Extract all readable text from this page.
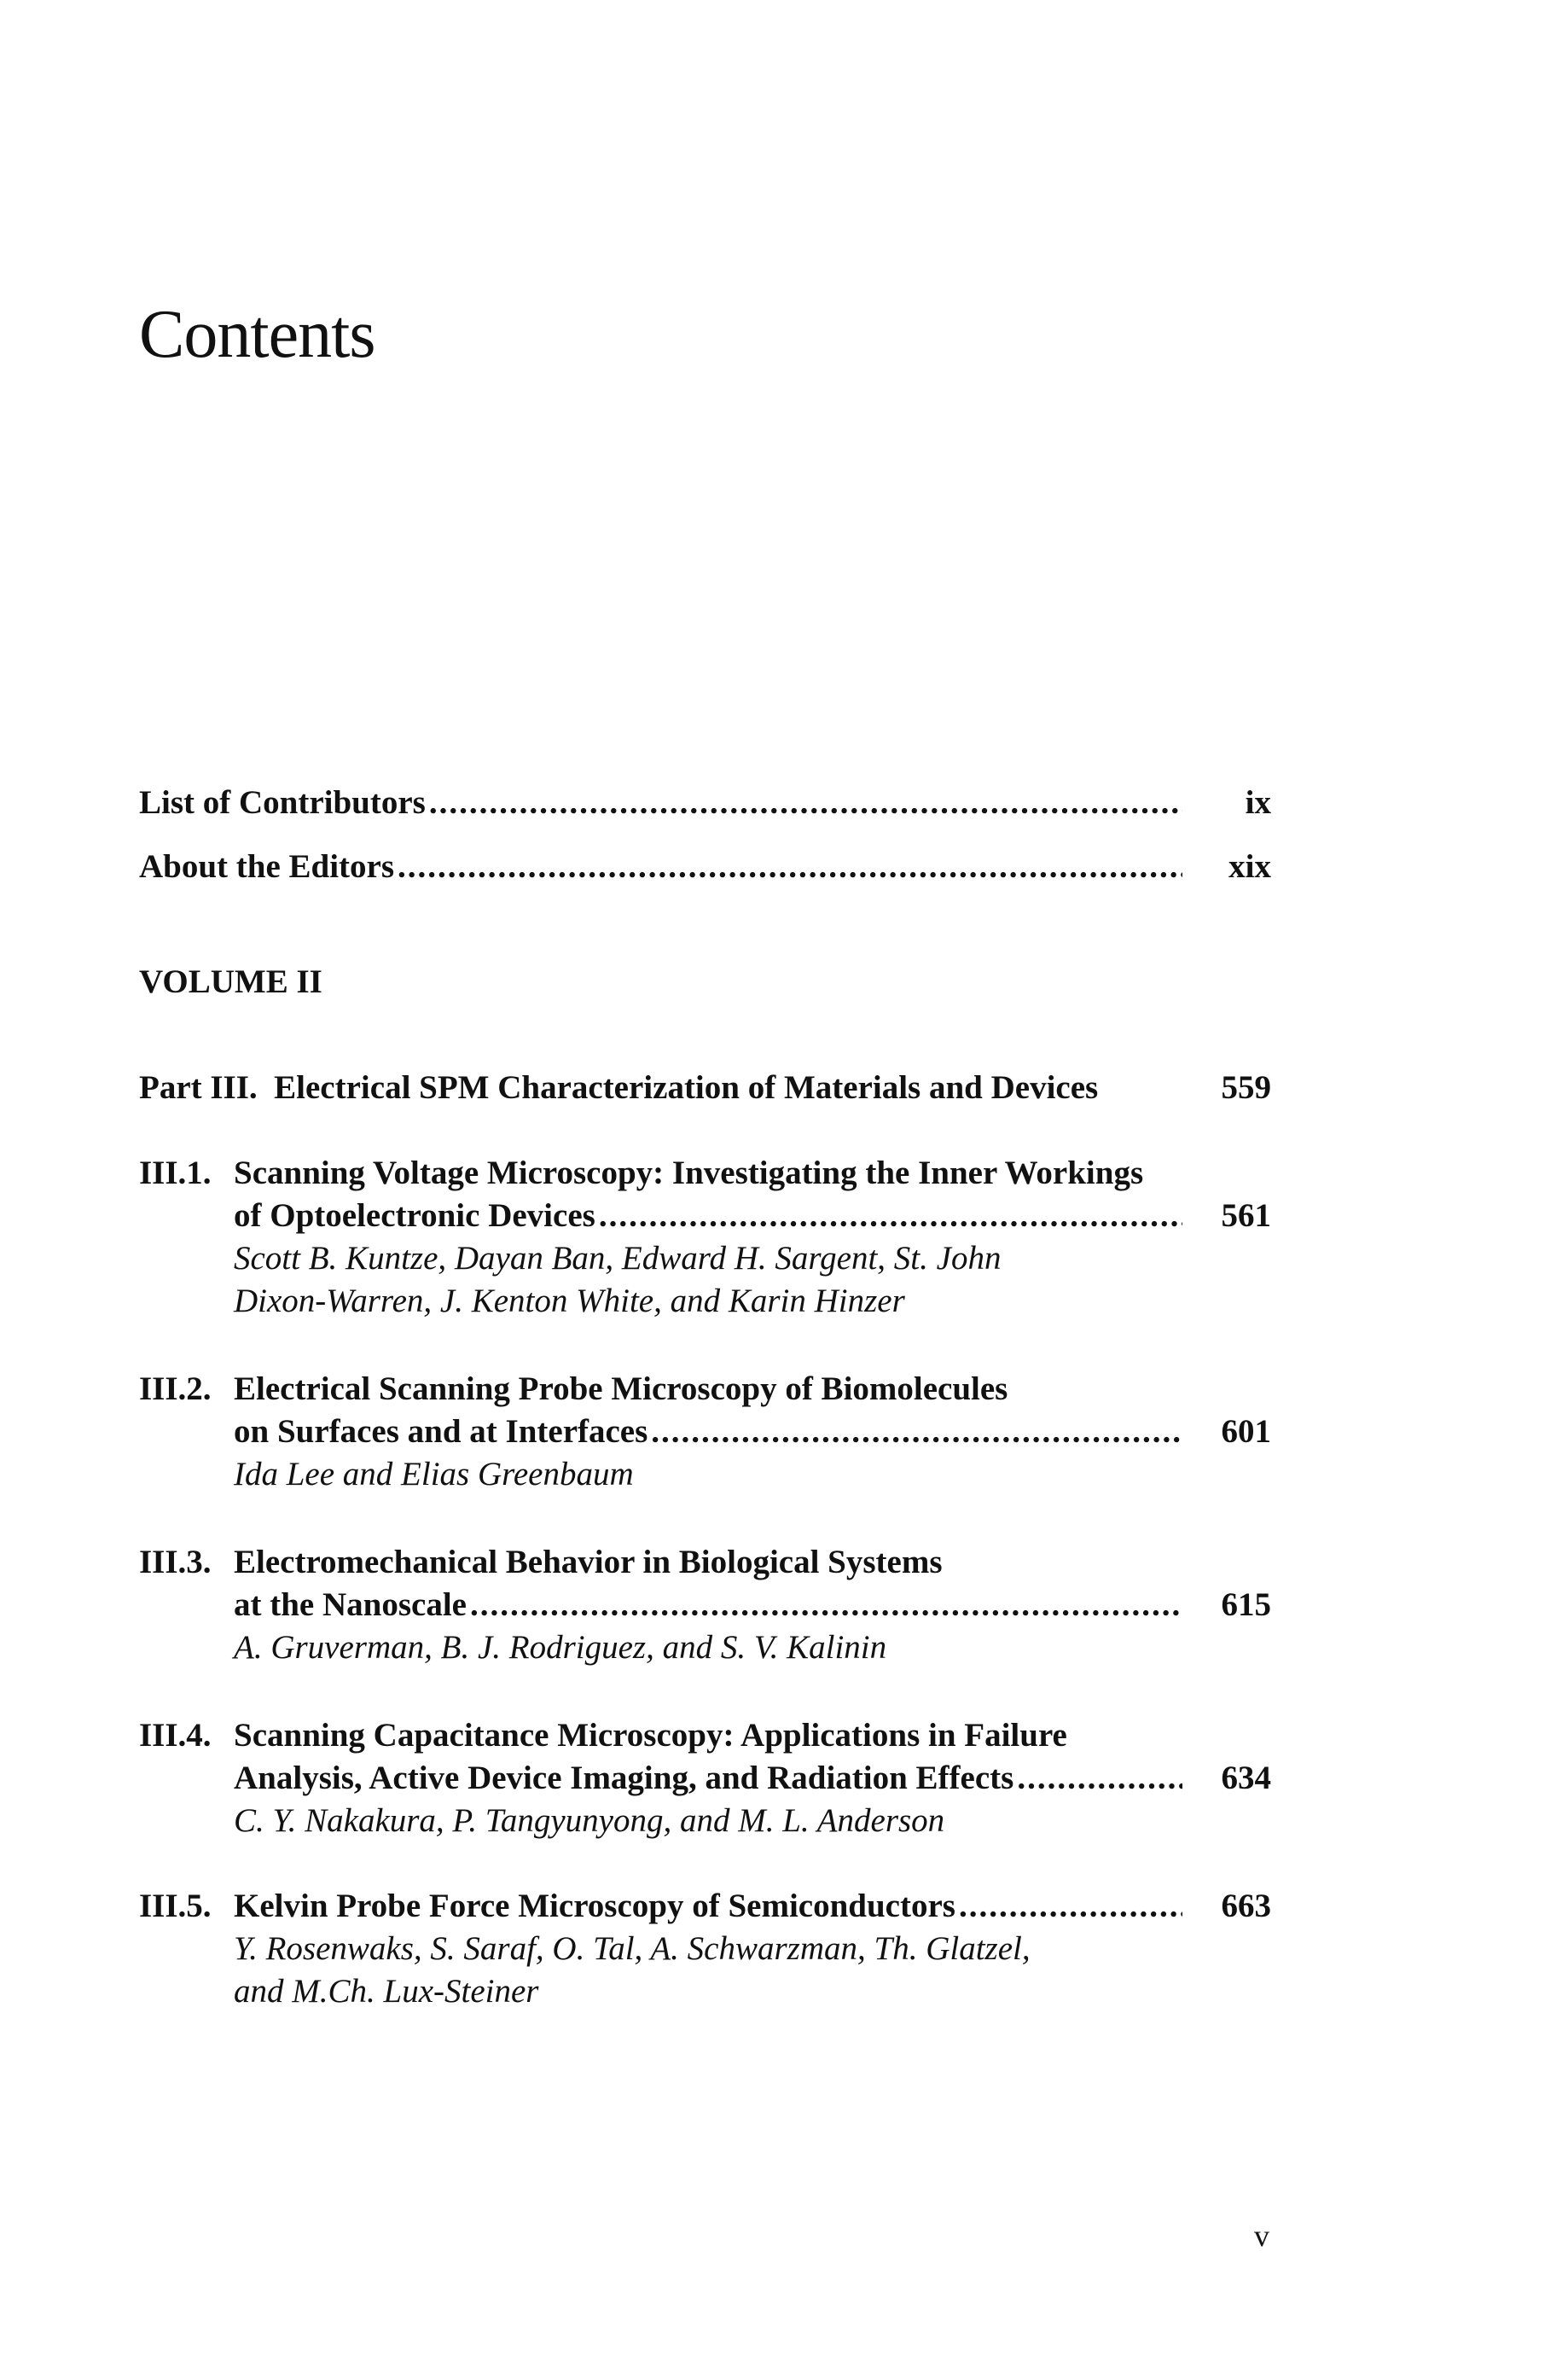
Contents
List of Contributors .....	ix
About the Editors .....	xix
VOLUME II
Part III.  Electrical SPM Characterization of Materials and Devices	559
III.1. Scanning Voltage Microscopy: Investigating the Inner Workings
of Optoelectronic Devices .....	561
Scott B. Kuntze, Dayan Ban, Edward H. Sargent, St. John
Dixon-Warren, J. Kenton White, and Karin Hinzer
III.2. Electrical Scanning Probe Microscopy of Biomolecules
on Surfaces and at Interfaces .....	601
Ida Lee and Elias Greenbaum
III.3. Electromechanical Behavior in Biological Systems
at the Nanoscale .....	615
A. Gruverman, B. J. Rodriguez, and S. V. Kalinin
III.4. Scanning Capacitance Microscopy: Applications in Failure
Analysis, Active Device Imaging, and Radiation Effects .....	634
C. Y. Nakakura, P. Tangyunyong, and M. L. Anderson
III.5. Kelvin Probe Force Microscopy of Semiconductors .....	663
Y. Rosenwaks, S. Saraf, O. Tal, A. Schwarzman, Th. Glatzel,
and M.Ch. Lux-Steiner
v
